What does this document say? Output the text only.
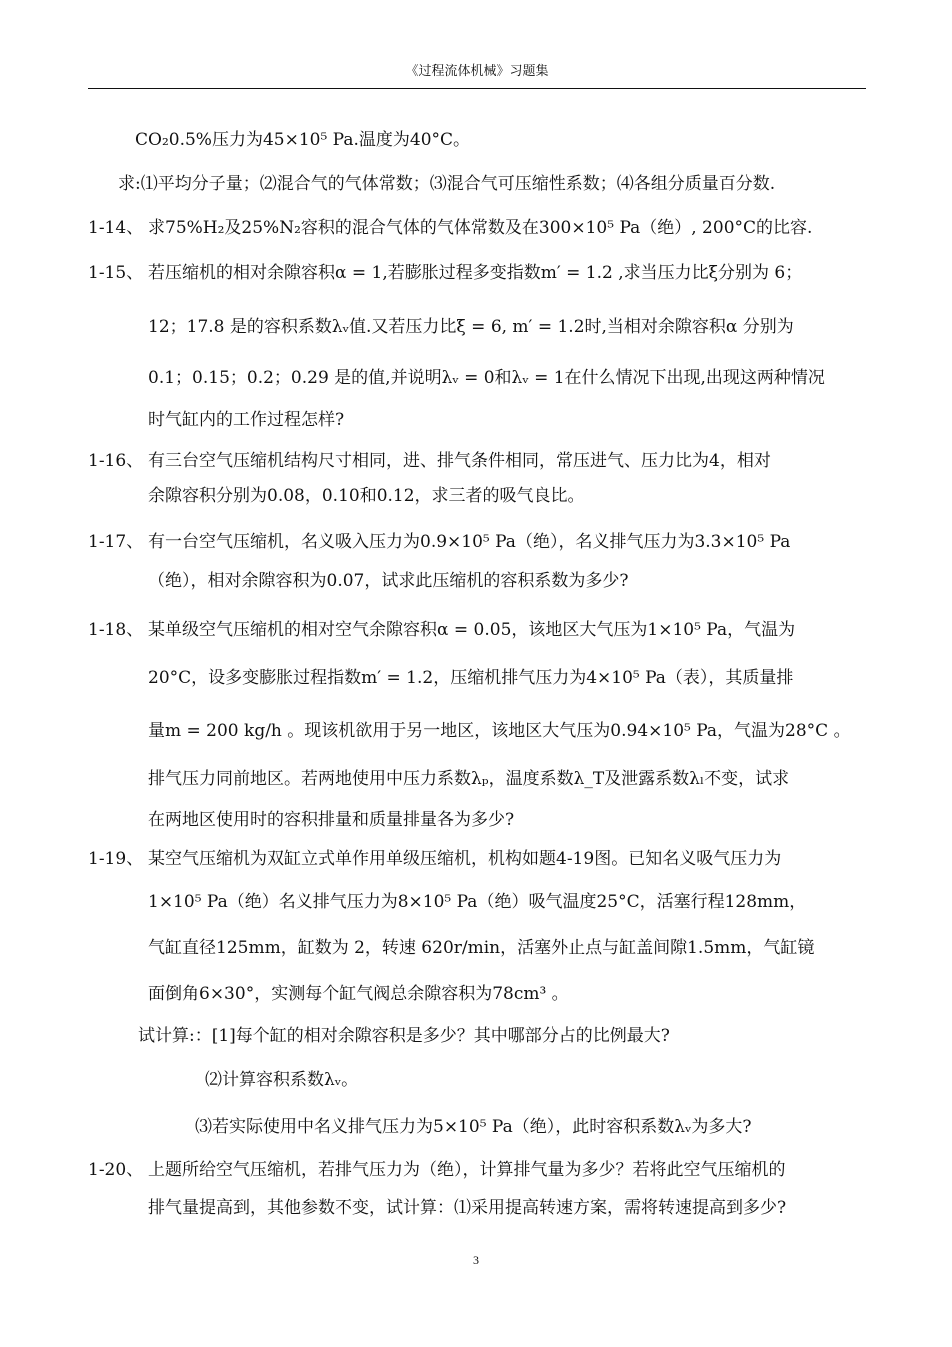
《过程流体机械》习题集
CO₂0.5%压力为45×10⁵ Pa.温度为40°C。
求:⑴平均分子量；⑵混合气的气体常数；⑶混合气可压缩性系数；⑷各组分质量百分数.
1-14、 求75%H₂及25%N₂容积的混合气体的气体常数及在300×10⁵ Pa（绝）, 200°C的比容.
1-15、 若压缩机的相对余隙容积α = 1,若膨胀过程多变指数m′ = 1.2 ,求当压力比ξ分别为 6；
12；17.8 是的容积系数λᵥ值.又若压力比ξ = 6, m′ = 1.2时,当相对余隙容积α 分别为
0.1；0.15；0.2；0.29 是的值,并说明λᵥ = 0和λᵥ = 1在什么情况下出现,出现这两种情况
时气缸内的工作过程怎样?
1-16、 有三台空气压缩机结构尺寸相同，进、排气条件相同，常压进气、压力比为4，相对
余隙容积分别为0.08，0.10和0.12，求三者的吸气良比。
1-17、 有一台空气压缩机，名义吸入压力为0.9×10⁵ Pa（绝），名义排气压力为3.3×10⁵ Pa
（绝），相对余隙容积为0.07，试求此压缩机的容积系数为多少?
1-18、 某单级空气压缩机的相对空气余隙容积α = 0.05，该地区大气压为1×10⁵ Pa，气温为
20°C，设多变膨胀过程指数m′ = 1.2，压缩机排气压力为4×10⁵ Pa（表），其质量排
量m = 200 kg/h 。现该机欲用于另一地区，该地区大气压为0.94×10⁵ Pa，气温为28°C 。
排气压力同前地区。若两地使用中压力系数λₚ，温度系数λ_T及泄露系数λₗ不变，试求
在两地区使用时的容积排量和质量排量各为多少?
1-19、 某空气压缩机为双缸立式单作用单级压缩机，机构如题4-19图。已知名义吸气压力为
1×10⁵ Pa（绝）名义排气压力为8×10⁵ Pa（绝）吸气温度25°C，活塞行程128mm，
气缸直径125mm，缸数为 2，转速 620r/min，活塞外止点与缸盖间隙1.5mm，气缸镜
面倒角6×30°，实测每个缸气阀总余隙容积为78cm³ 。
试计算:：[1]每个缸的相对余隙容积是多少？其中哪部分占的比例最大?
⑵计算容积系数λᵥ。
⑶若实际使用中名义排气压力为5×10⁵ Pa（绝），此时容积系数λᵥ为多大?
1-20、 上题所给空气压缩机，若排气压力为（绝），计算排气量为多少？若将此空气压缩机的
排气量提高到，其他参数不变，试计算：⑴采用提高转速方案，需将转速提高到多少?
3
